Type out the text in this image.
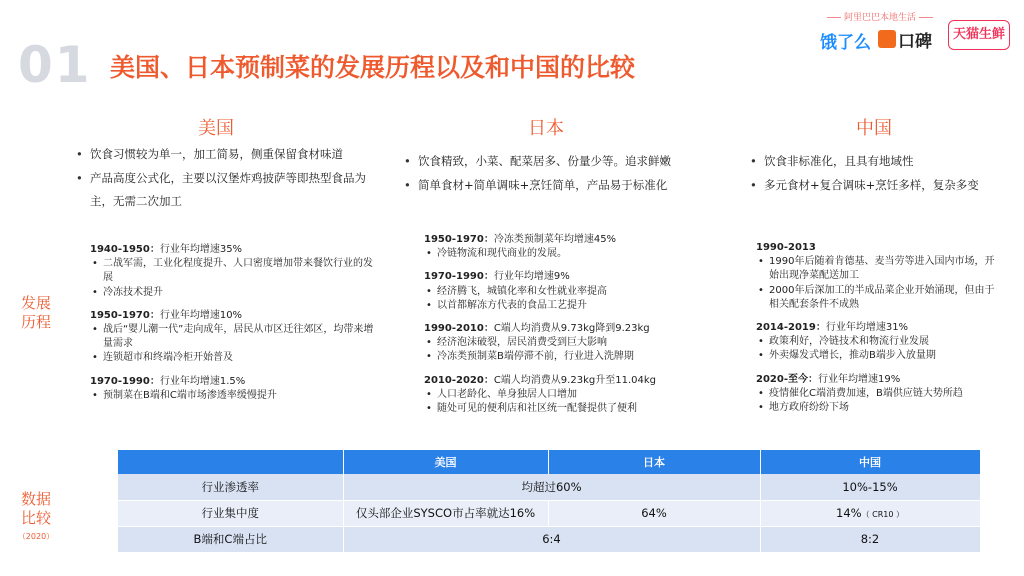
01 美国、日本预制菜的发展历程以及和中国的比较
阿里巴巴本地生活
饿了么 口碑	天猫生鲜
美国	日本	中国
• 饮食习惯较为单一，加工简易，侧重保留食材味道
• 产品高度公式化，主要以汉堡炸鸡披萨等即热型食品为主，无需二次加工
• 饮食精致，小菜、配菜居多、份量少等。追求鲜嫩
• 简单食材+简单调味+烹饪简单，产品易于标准化
• 饮食非标准化，且具有地域性
• 多元食材+复合调味+烹饪多样，复杂多变
1940-1950：行业年均增速35%
• 二战军需，工业化程度提升、人口密度增加带来餐饮行业的发展
• 冷冻技术提升
1950-1970：行业年均增速10%
• 战后“婴儿潮一代”走向成年，居民从市区迁往郊区，均带来增量需求
• 连锁超市和终端冷柜开始普及
1970-1990：行业年均增速1.5%
• 预制菜在B端和C端市场渗透率缓慢提升
1950-1970：冷冻类预制菜年均增速45%
• 冷链物流和现代商业的发展。
1970-1990：行业年均增速9%
• 经济腾飞，城镇化率和女性就业率提高
• 以首都解冻方代表的食品工艺提升
1990-2010：C端人均消费从9.73kg降到9.23kg
• 经济泡沫破裂，居民消费受到巨大影响
• 冷冻类预制菜B端停滞不前，行业进入洗牌期
2010-2020：C端人均消费从9.23kg升至11.04kg
• 人口老龄化、单身独居人口增加
• 随处可见的便利店和社区统一配餐提供了便利
1990-2013
• 1990年后随着肯德基、麦当劳等进入国内市场，开始出现净菜配送加工
• 2000年后深加工的半成品菜企业开始涌现，但由于相关配套条件不成熟
2014-2019：行业年均增速31%
• 政策利好，冷链技术和物流行业发展
• 外卖爆发式增长，推动B端步入放量期
2020-至今：行业年均增速19%
• 疫情催化C端消费加速，B端供应链大势所趋
• 地方政府纷纷下场
发展
历程
数据
比较
（2020）
	美国	日本	中国
行业渗透率	均超过60%		10%-15%
行业集中度	仅头部企业SYSCO市占率就达16%	64%	14%（ CR10 ）
B端和C端占比	6:4		8:2
